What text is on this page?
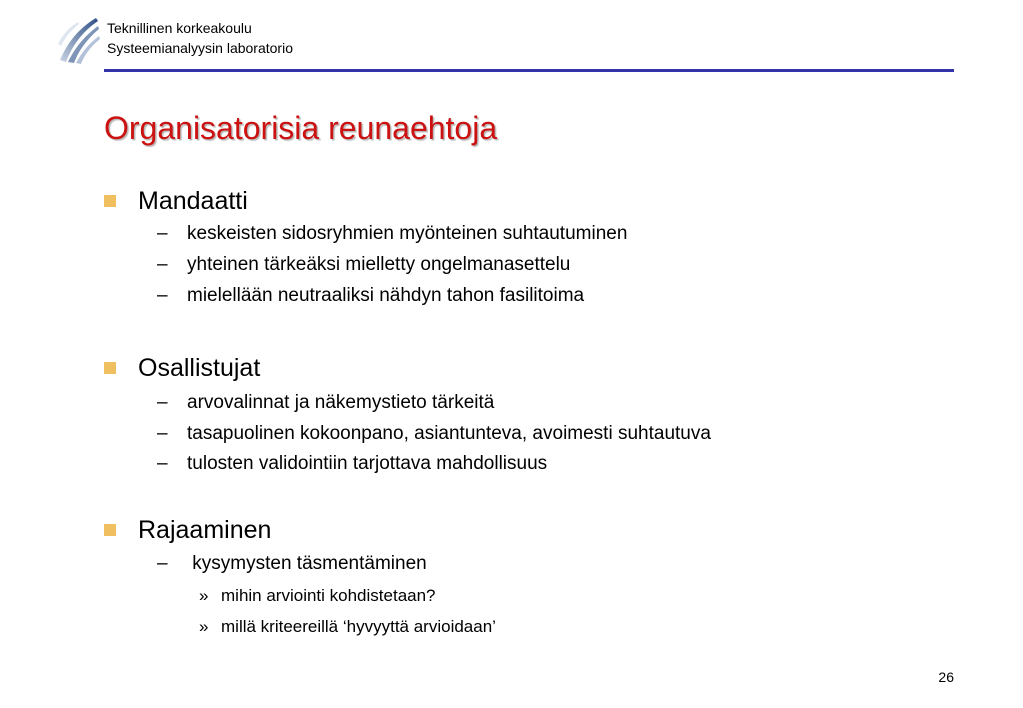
Teknillinen korkeakoulu
Systeemianalyysin laboratorio
Organisatorisia reunaehtoja
Mandaatti
–	keskeisten sidosryhmien myönteinen suhtautuminen
–	yhteinen tärkeäksi mielletty ongelmanasettelu
–	mielellään neutraaliksi nähdyn tahon fasilitoima
Osallistujat
–	arvovalinnat ja näkemystieto tärkeitä
–	tasapuolinen kokoonpano, asiantunteva, avoimesti suhtautuva
–	tulosten validointiin tarjottava mahdollisuus
Rajaaminen
–	kysymysten täsmentäminen
» mihin arviointi kohdistetaan?
» millä kriteereillä ‘hyvyyttä arvioidaan’
26
